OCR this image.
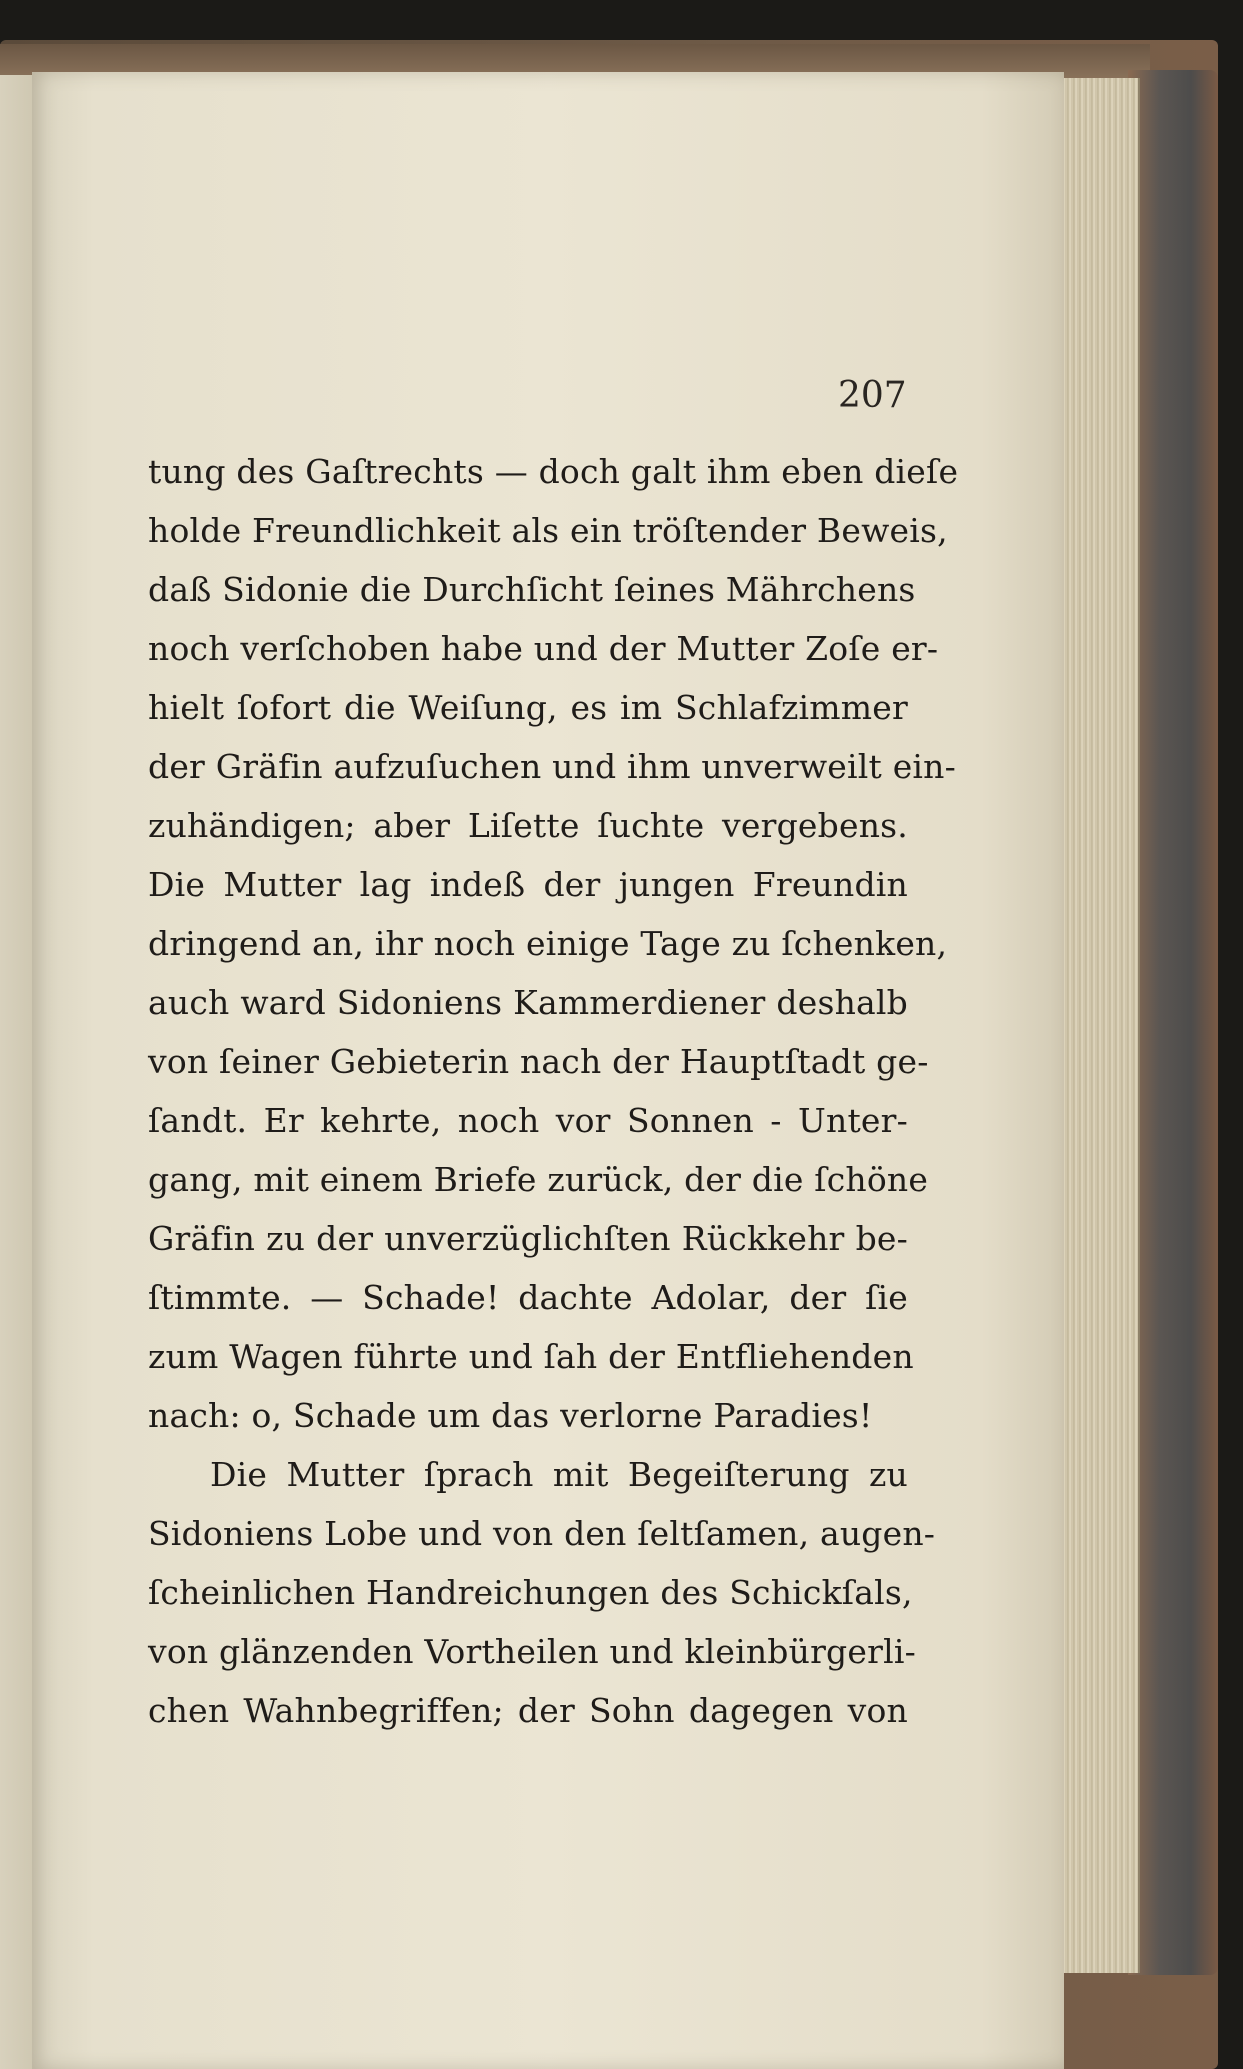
207
tung des Gaſtrechts — doch galt ihm eben dieſe
holde Freundlichkeit als ein tröſtender Beweis,
daß Sidonie die Durchſicht ſeines Mährchens
noch verſchoben habe und der Mutter Zoſe er-
hielt ſofort die Weiſung, es im Schlafzimmer
der Gräfin aufzuſuchen und ihm unverweilt ein-
zuhändigen; aber Liſette ſuchte vergebens.
Die Mutter lag indeß der jungen Freundin
dringend an, ihr noch einige Tage zu ſchenken,
auch ward Sidoniens Kammerdiener deshalb
von ſeiner Gebieterin nach der Hauptſtadt ge-
ſandt. Er kehrte, noch vor Sonnen - Unter-
gang, mit einem Briefe zurück, der die ſchöne
Gräfin zu der unverzüglichſten Rückkehr be-
ſtimmte. — Schade! dachte Adolar, der ſie
zum Wagen führte und ſah der Entfliehenden
nach: o, Schade um das verlorne Paradies!
Die Mutter ſprach mit Begeiſterung zu
Sidoniens Lobe und von den ſeltſamen, augen-
ſcheinlichen Handreichungen des Schickſals,
von glänzenden Vortheilen und kleinbürgerli-
chen Wahnbegriffen; der Sohn dagegen von
